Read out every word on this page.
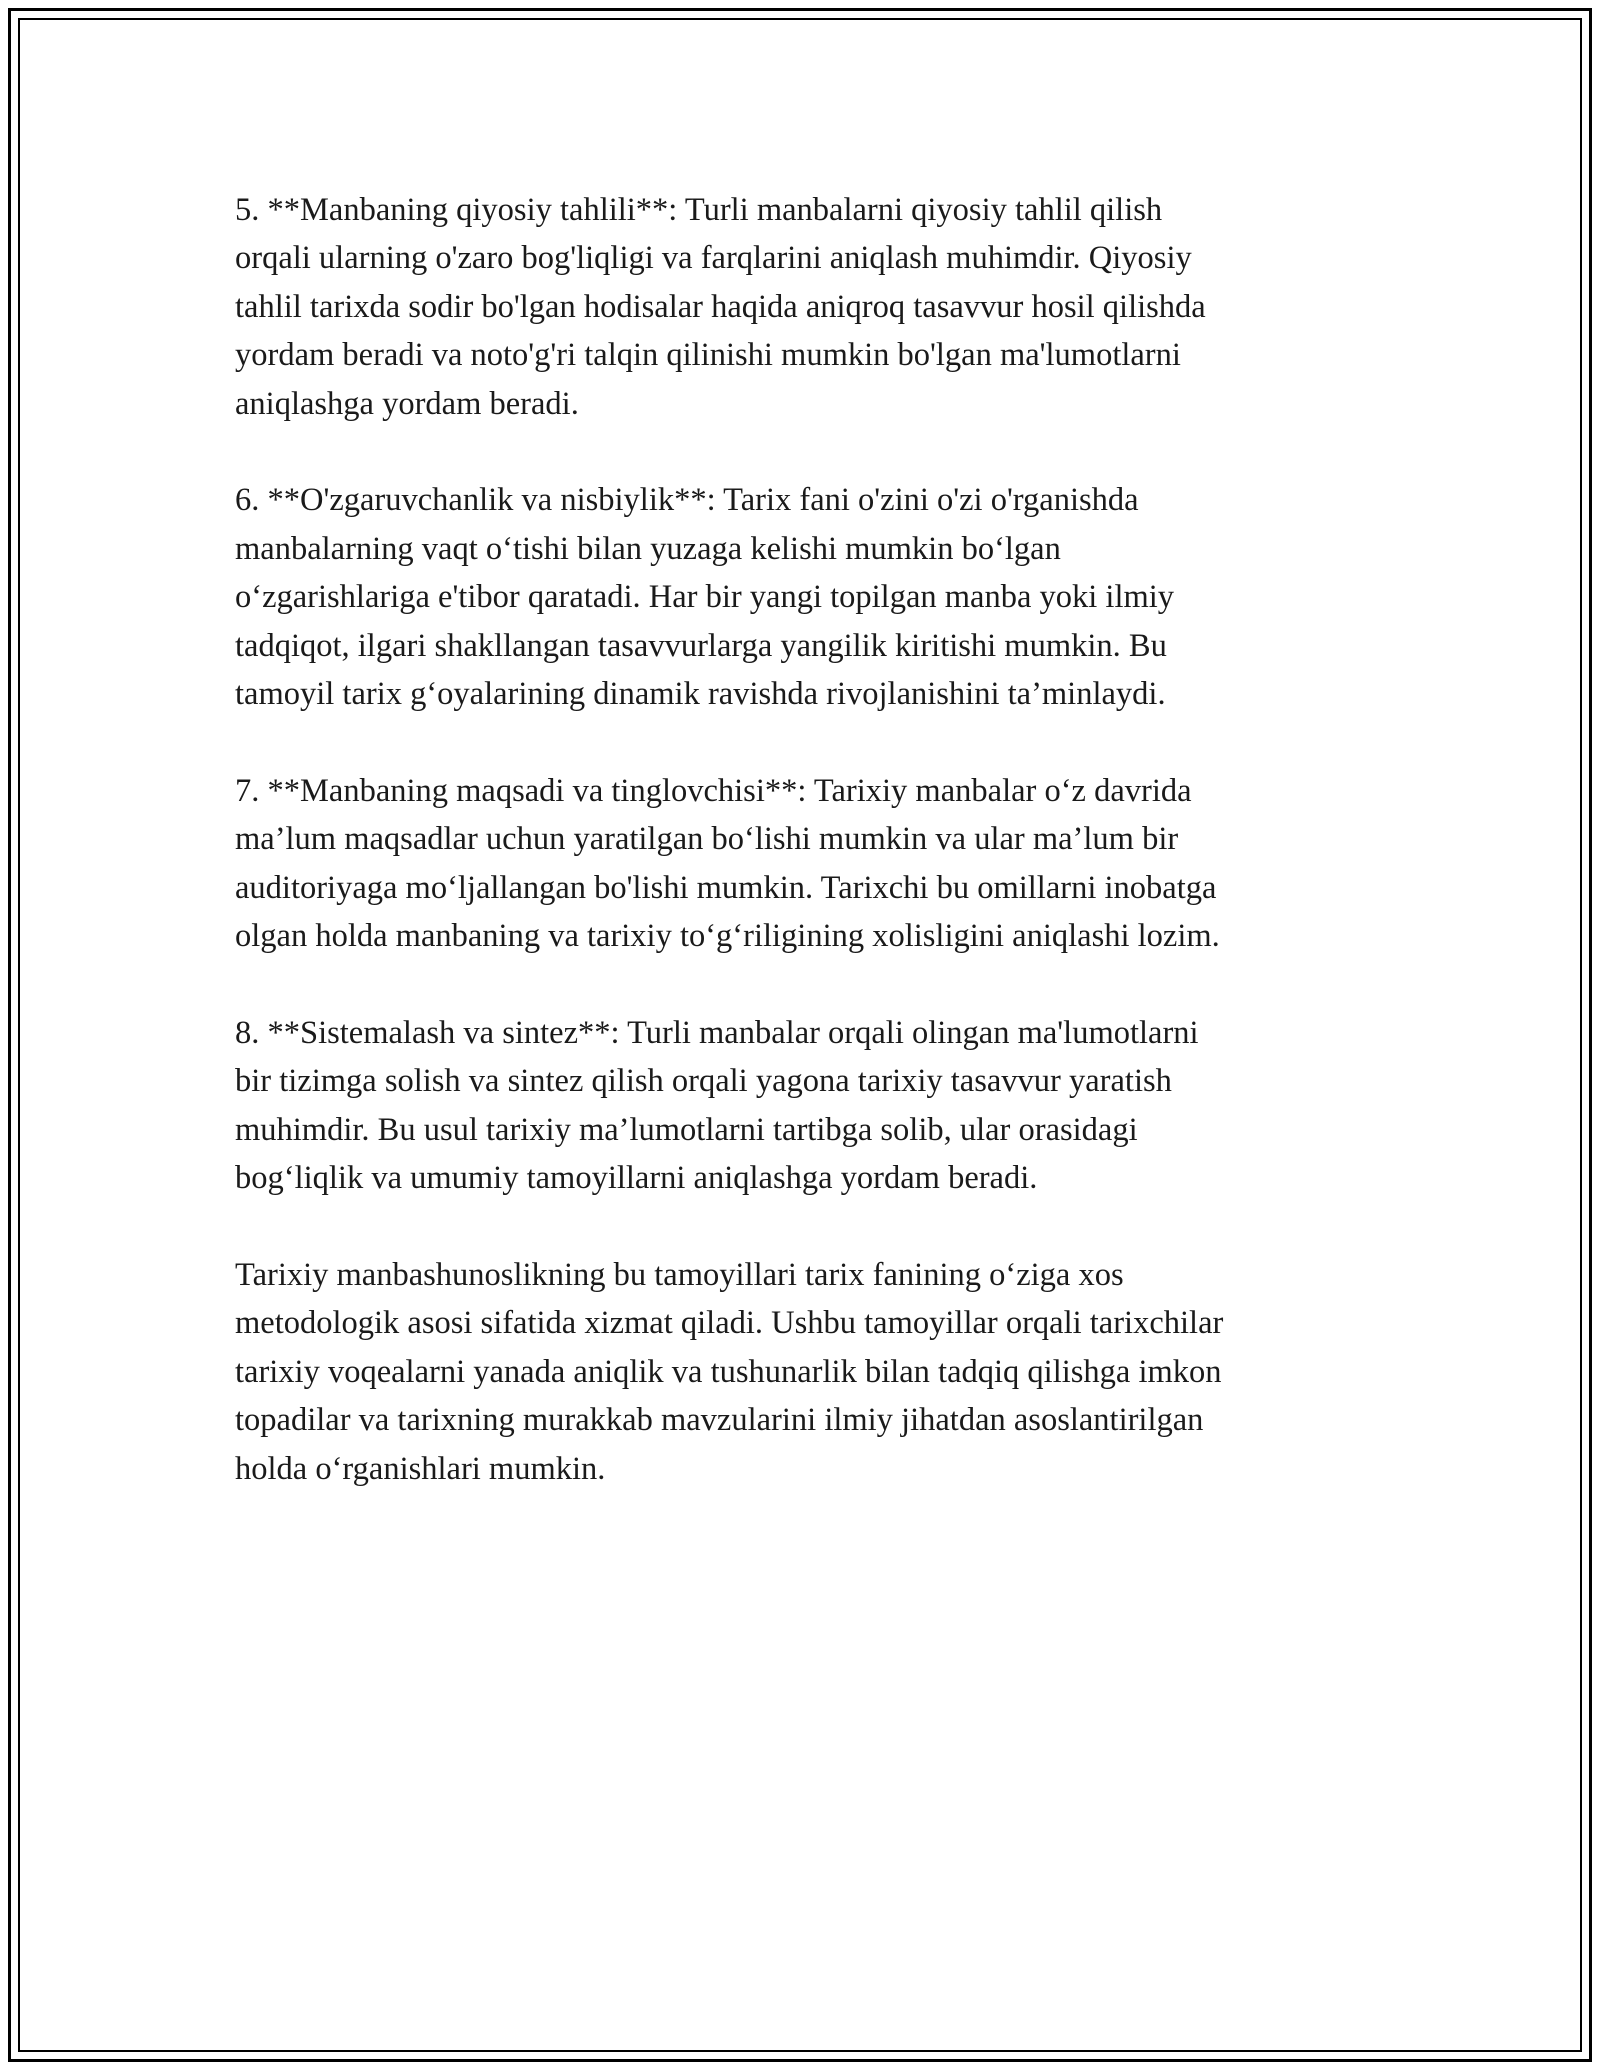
5. **Manbaning qiyosiy tahlili**: Turli manbalarni qiyosiy tahlil qilish
orqali ularning o'zaro bog'liqligi va farqlarini aniqlash muhimdir. Qiyosiy
tahlil tarixda sodir bo'lgan hodisalar haqida aniqroq tasavvur hosil qilishda
yordam beradi va noto'g'ri talqin qilinishi mumkin bo'lgan ma'lumotlarni
aniqlashga yordam beradi.

6. **O'zgaruvchanlik va nisbiylik**: Tarix fani o'zini o'zi o'rganishda
manbalarning vaqt o‘tishi bilan yuzaga kelishi mumkin bo‘lgan
o‘zgarishlariga e'tibor qaratadi. Har bir yangi topilgan manba yoki ilmiy
tadqiqot, ilgari shakllangan tasavvurlarga yangilik kiritishi mumkin. Bu
tamoyil tarix g‘oyalarining dinamik ravishda rivojlanishini ta’minlaydi.

7. **Manbaning maqsadi va tinglovchisi**: Tarixiy manbalar o‘z davrida
ma’lum maqsadlar uchun yaratilgan bo‘lishi mumkin va ular ma’lum bir
auditoriyaga mo‘ljallangan bo'lishi mumkin. Tarixchi bu omillarni inobatga
olgan holda manbaning va tarixiy to‘g‘riligining xolisligini aniqlashi lozim.

8. **Sistemalash va sintez**: Turli manbalar orqali olingan ma'lumotlarni
bir tizimga solish va sintez qilish orqali yagona tarixiy tasavvur yaratish
muhimdir. Bu usul tarixiy ma’lumotlarni tartibga solib, ular orasidagi
bog‘liqlik va umumiy tamoyillarni aniqlashga yordam beradi.

Tarixiy manbashunoslikning bu tamoyillari tarix fanining o‘ziga xos
metodologik asosi sifatida xizmat qiladi. Ushbu tamoyillar orqali tarixchilar
tarixiy voqealarni yanada aniqlik va tushunarlik bilan tadqiq qilishga imkon
topadilar va tarixning murakkab mavzularini ilmiy jihatdan asoslantirilgan
holda o‘rganishlari mumkin.
